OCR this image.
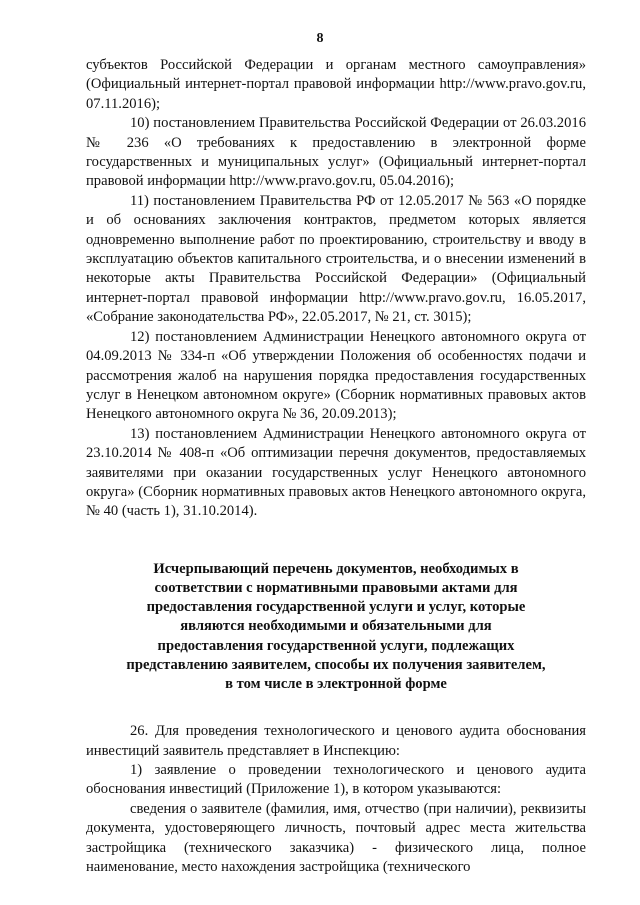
8

субъектов Российской Федерации и органам местного самоуправления» (Официальный интернет-портал правовой информации http://www.pravo.gov.ru, 07.11.2016);

10) постановлением Правительства Российской Федерации от 26.03.2016 № 236 «О требованиях к предоставлению в электронной форме государственных и муниципальных услуг» (Официальный интернет-портал правовой информации http://www.pravo.gov.ru, 05.04.2016);

11) постановлением Правительства РФ от 12.05.2017 № 563 «О порядке и об основаниях заключения контрактов, предметом которых является одновременно выполнение работ по проектированию, строительству и вводу в эксплуатацию объектов капитального строительства, и о внесении изменений в некоторые акты Правительства Российской Федерации» (Официальный интернет-портал правовой информации http://www.pravo.gov.ru, 16.05.2017, «Собрание законодательства РФ», 22.05.2017, № 21, ст. 3015);

12) постановлением Администрации Ненецкого автономного округа от 04.09.2013 № 334-п «Об утверждении Положения об особенностях подачи и рассмотрения жалоб на нарушения порядка предоставления государственных услуг в Ненецком автономном округе» (Сборник нормативных правовых актов Ненецкого автономного округа № 36, 20.09.2013);

13) постановлением Администрации Ненецкого автономного округа от 23.10.2014 № 408-п «Об оптимизации перечня документов, предоставляемых заявителями при оказании государственных услуг Ненецкого автономного округа» (Сборник нормативных правовых актов Ненецкого автономного округа, № 40 (часть 1), 31.10.2014).

Исчерпывающий перечень документов, необходимых в соответствии с нормативными правовыми актами для предоставления государственной услуги и услуг, которые являются необходимыми и обязательными для предоставления государственной услуги, подлежащих представлению заявителем, способы их получения заявителем, в том числе в электронной форме

26. Для проведения технологического и ценового аудита обоснования инвестиций заявитель представляет в Инспекцию:

1) заявление о проведении технологического и ценового аудита обоснования инвестиций (Приложение 1), в котором указываются:

сведения о заявителе (фамилия, имя, отчество (при наличии), реквизиты документа, удостоверяющего личность, почтовый адрес места жительства застройщика (технического заказчика) - физического лица, полное наименование, место нахождения застройщика (технического
